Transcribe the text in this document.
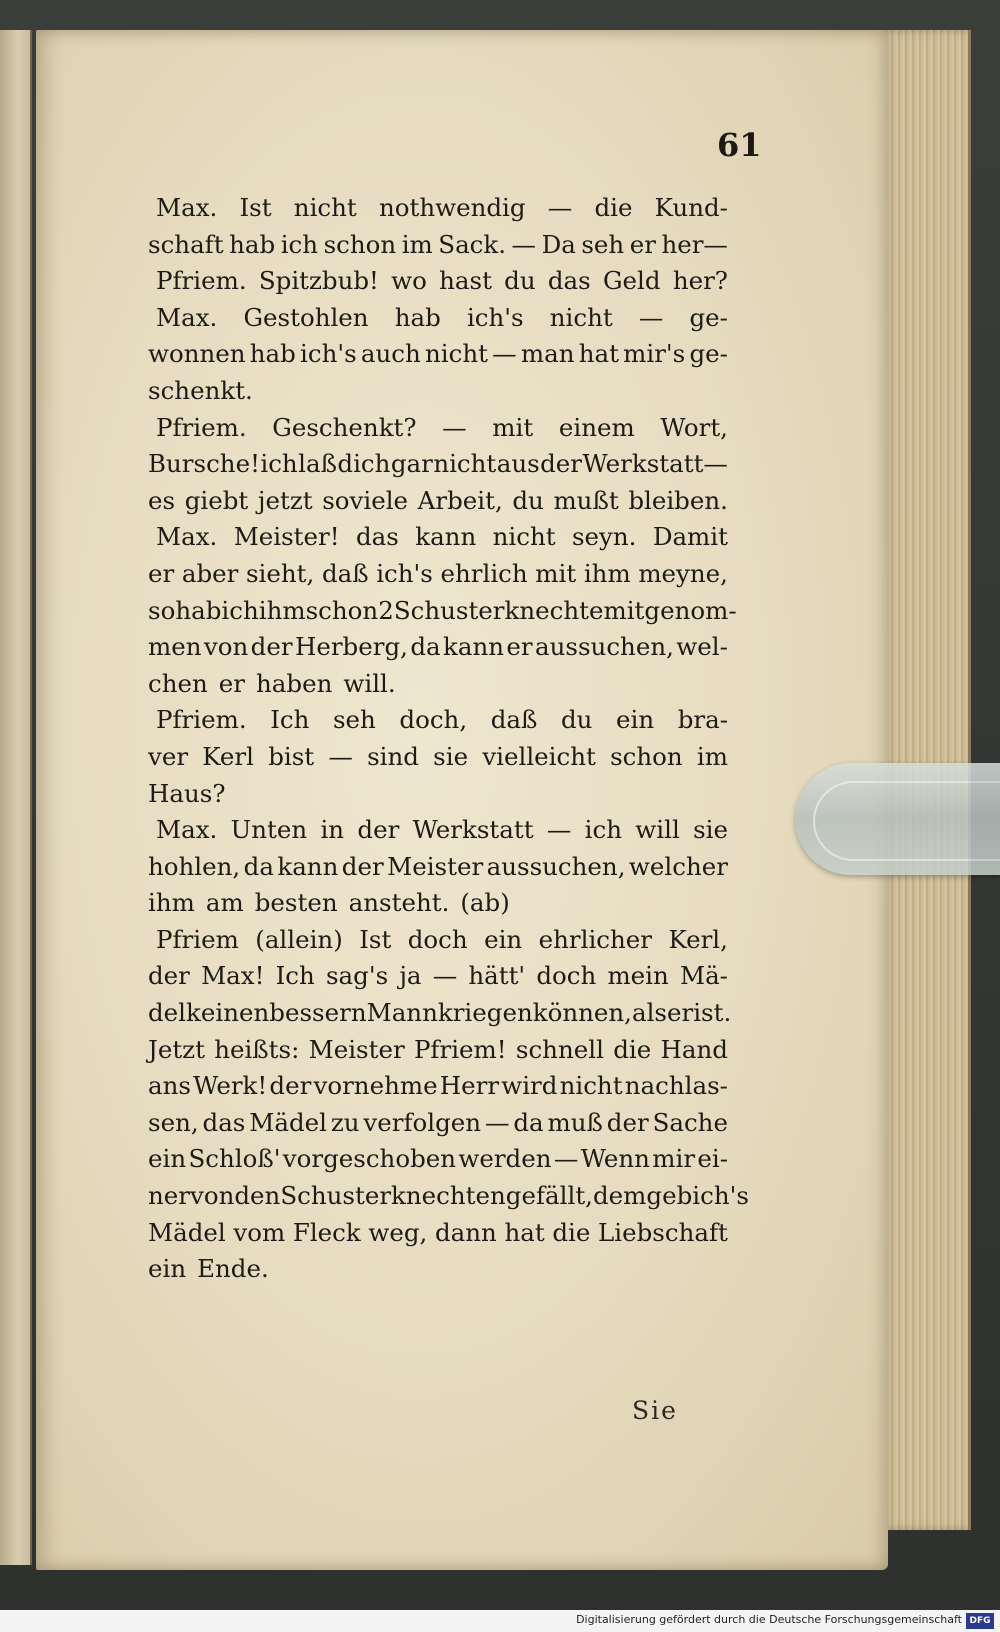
61
Max. Ist nicht nothwendig — die Kund-
schaft hab ich schon im Sack. — Da seh er her—
Pfriem. Spitzbub! wo hast du das Geld her?
Max. Gestohlen hab ich's nicht — ge-
wonnen hab ich's auch nicht — man hat mir's ge-
schenkt.
Pfriem. Geschenkt? — mit einem Wort,
Bursche! ich laß dich gar nicht aus der Werkstatt—
es giebt jetzt soviele Arbeit, du mußt bleiben.
Max. Meister! das kann nicht seyn. Damit
er aber sieht, daß ich's ehrlich mit ihm meyne,
so hab ich ihm schon 2 Schusterknechte mitgenom-
men von der Herberg, da kann er aussuchen, wel-
chen er haben will.
Pfriem. Ich seh doch, daß du ein bra-
ver Kerl bist — sind sie vielleicht schon im
Haus?
Max. Unten in der Werkstatt — ich will sie
hohlen, da kann der Meister aussuchen, welcher
ihm am besten ansteht. (ab)
Pfriem (allein) Ist doch ein ehrlicher Kerl,
der Max! Ich sag's ja — hätt' doch mein Mä-
del keinen bessern Mann kriegen können, als er ist.
Jetzt heißts: Meister Pfriem! schnell die Hand
ans Werk! der vornehme Herr wird nicht nachlas-
sen, das Mädel zu verfolgen — da muß der Sache
ein Schloß' vorgeschoben werden — Wenn mir ei-
ner von den Schusterknechten gefällt, dem geb ich's
Mädel vom Fleck weg, dann hat die Liebschaft
ein Ende.
Sie
Digitalisierung gefördert durch die Deutsche Forschungsgemeinschaft DFG
